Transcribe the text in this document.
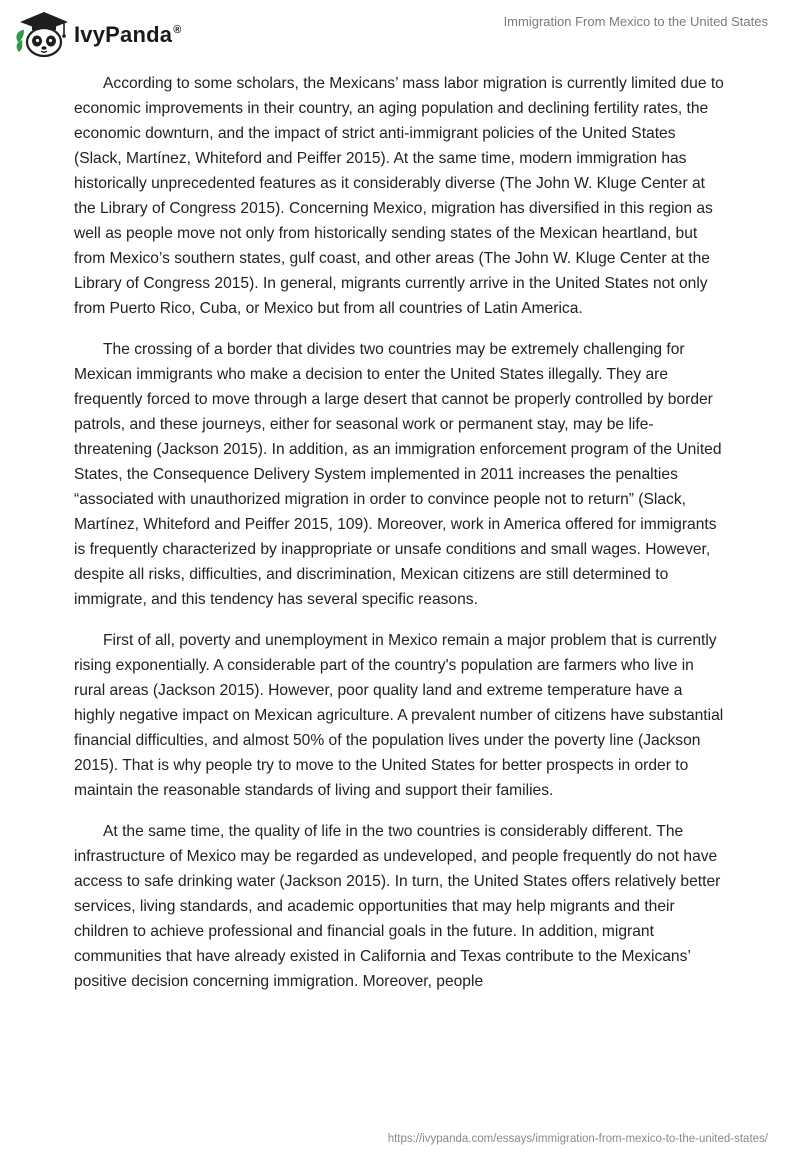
IvyPanda®
Immigration From Mexico to the United States

According to some scholars, the Mexicans’ mass labor migration is currently limited due to economic improvements in their country, an aging population and declining fertility rates, the economic downturn, and the impact of strict anti-immigrant policies of the United States (Slack, Martínez, Whiteford and Peiffer 2015). At the same time, modern immigration has historically unprecedented features as it considerably diverse (The John W. Kluge Center at the Library of Congress 2015). Concerning Mexico, migration has diversified in this region as well as people move not only from historically sending states of the Mexican heartland, but from Mexico’s southern states, gulf coast, and other areas (The John W. Kluge Center at the Library of Congress 2015). In general, migrants currently arrive in the United States not only from Puerto Rico, Cuba, or Mexico but from all countries of Latin America.

The crossing of a border that divides two countries may be extremely challenging for Mexican immigrants who make a decision to enter the United States illegally. They are frequently forced to move through a large desert that cannot be properly controlled by border patrols, and these journeys, either for seasonal work or permanent stay, may be life-threatening (Jackson 2015). In addition, as an immigration enforcement program of the United States, the Consequence Delivery System implemented in 2011 increases the penalties “associated with unauthorized migration in order to convince people not to return” (Slack, Martínez, Whiteford and Peiffer 2015, 109). Moreover, work in America offered for immigrants is frequently characterized by inappropriate or unsafe conditions and small wages. However, despite all risks, difficulties, and discrimination, Mexican citizens are still determined to immigrate, and this tendency has several specific reasons.

First of all, poverty and unemployment in Mexico remain a major problem that is currently rising exponentially. A considerable part of the country's population are farmers who live in rural areas (Jackson 2015). However, poor quality land and extreme temperature have a highly negative impact on Mexican agriculture. A prevalent number of citizens have substantial financial difficulties, and almost 50% of the population lives under the poverty line (Jackson 2015). That is why people try to move to the United States for better prospects in order to maintain the reasonable standards of living and support their families.

At the same time, the quality of life in the two countries is considerably different. The infrastructure of Mexico may be regarded as undeveloped, and people frequently do not have access to safe drinking water (Jackson 2015). In turn, the United States offers relatively better services, living standards, and academic opportunities that may help migrants and their children to achieve professional and financial goals in the future. In addition, migrant communities that have already existed in California and Texas contribute to the Mexicans’ positive decision concerning immigration. Moreover, people

https://ivypanda.com/essays/immigration-from-mexico-to-the-united-states/
